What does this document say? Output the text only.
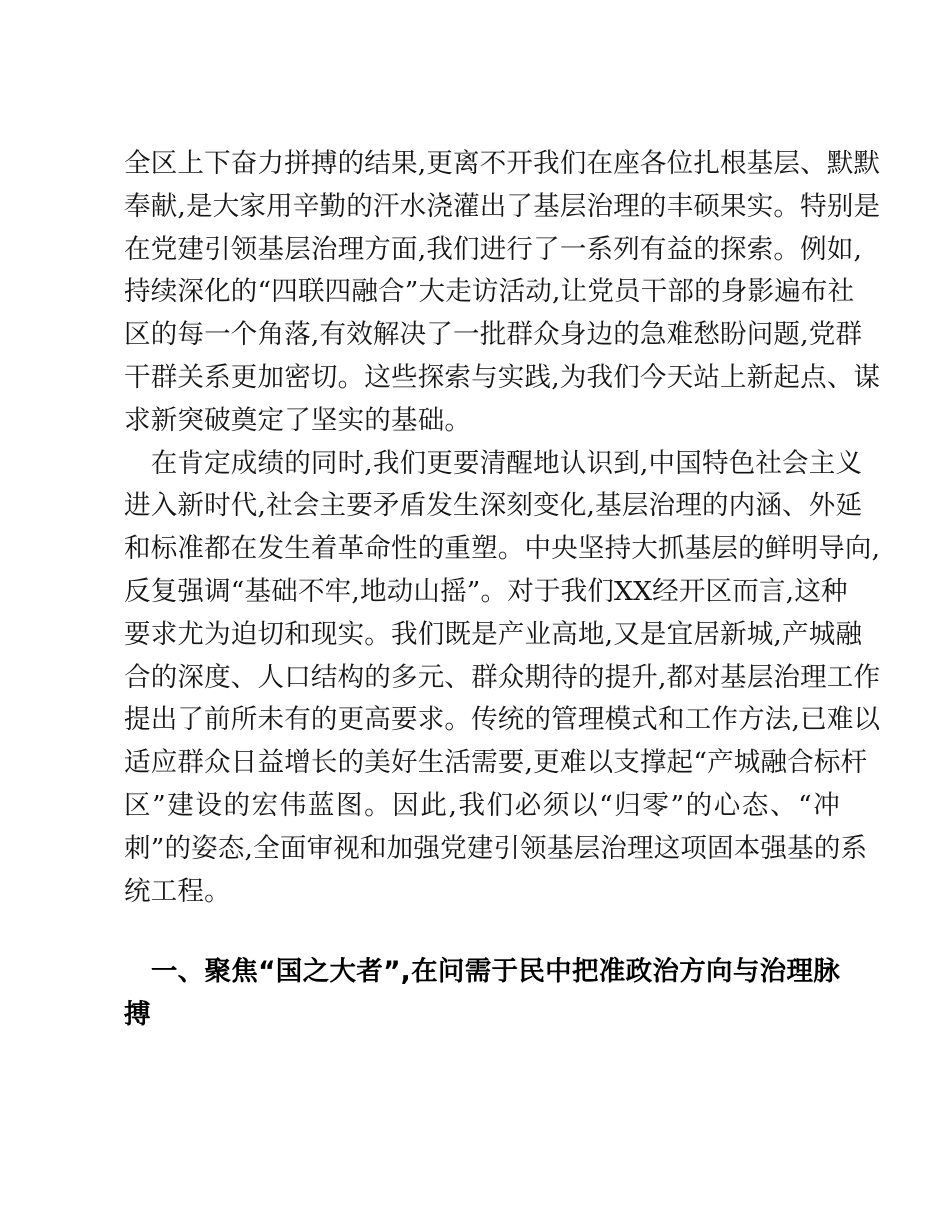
全区上下奋力拼搏的结果,更离不开我们在座各位扎根基层、默默
奉献,是大家用辛勤的汗水浇灌出了基层治理的丰硕果实。特别是
在党建引领基层治理方面,我们进行了一系列有益的探索。例如,
持续深化的“四联四融合”大走访活动,让党员干部的身影遍布社
区的每一个角落,有效解决了一批群众身边的急难愁盼问题,党群
干群关系更加密切。这些探索与实践,为我们今天站上新起点、谋
求新突破奠定了坚实的基础。
　在肯定成绩的同时,我们更要清醒地认识到,中国特色社会主义
进入新时代,社会主要矛盾发生深刻变化,基层治理的内涵、外延
和标准都在发生着革命性的重塑。中央坚持大抓基层的鲜明导向,
反复强调“基础不牢,地动山摇”。对于我们XX经开区而言,这种
要求尤为迫切和现实。我们既是产业高地,又是宜居新城,产城融
合的深度、人口结构的多元、群众期待的提升,都对基层治理工作
提出了前所未有的更高要求。传统的管理模式和工作方法,已难以
适应群众日益增长的美好生活需要,更难以支撑起“产城融合标杆
区”建设的宏伟蓝图。因此,我们必须以“归零”的心态、“冲
刺”的姿态,全面审视和加强党建引领基层治理这项固本强基的系
统工程。
　一、聚焦“国之大者”,在问需于民中把准政治方向与治理脉
搏
